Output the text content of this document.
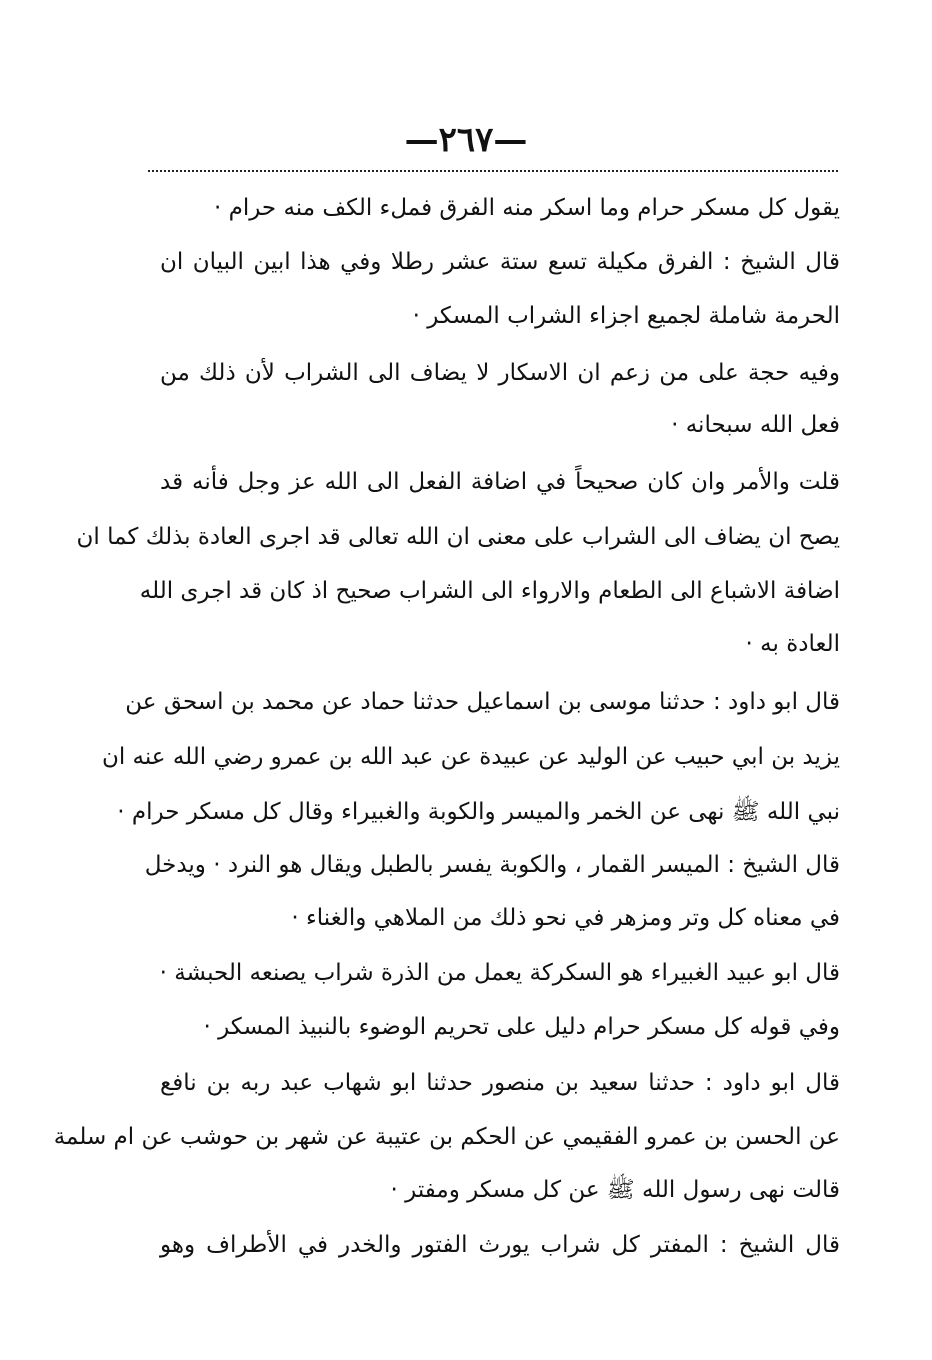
—٢٦٧—
يقول كل مسكر حرام وما اسكر منه الفرق فمل‌ء الكف منه حرام ·
قال الشيخ : الفرق مكيلة تسع ستة عشر رطلا وفي هذا ابين البيان ان
الحرمة شاملة لجميع اجزاء الشراب المسكر ·
وفيه حجة على من زعم ان الاسكار لا يضاف الى الشراب لأن ذلك من
فعل الله سبحانه ·
قلت والأمر وان كان صحيحاً في اضافة الفعل الى الله عز وجل فأنه قد
يصح ان يضاف الى الشراب على معنى ان الله تعالى قد اجرى العادة بذلك كما ان
اضافة الاشباع الى الطعام والارواء الى الشراب صحيح اذ كان قد اجرى الله
العادة به ·
قال ابو داود : حدثنا موسى بن اسماعيل حدثنا حماد عن محمد بن اسحق عن
يزيد بن ابي حبيب عن الوليد عن عبيدة عن عبد الله بن عمرو رضي الله عنه ان
نبي الله ﷺ نهى عن الخمر والميسر والكوبة والغبيراء وقال كل مسكر حرام ·
قال الشيخ : الميسر القمار ، والكوبة يفسر بالطبل ويقال هو النرد · ويدخل
في معناه كل وتر ومزهر في نحو ذلك من الملاهي والغناء ·
قال ابو عبيد الغبيراء هو السكركة يعمل من الذرة شراب يصنعه الحبشة ·
وفي قوله كل مسكر حرام دليل على تحريم الوضوء بالنبيذ المسكر ·
قال ابو داود : حدثنا سعيد بن منصور حدثنا ابو شهاب عبد ربه بن نافع
عن الحسن بن عمرو الفقيمي عن الحكم بن عتيبة عن شهر بن حوشب عن ام سلمة
قالت نهى رسول الله ﷺ عن كل مسكر ومفتر ·
قال الشيخ : المفتر كل شراب يورث الفتور والخدر في الأطراف وهو
